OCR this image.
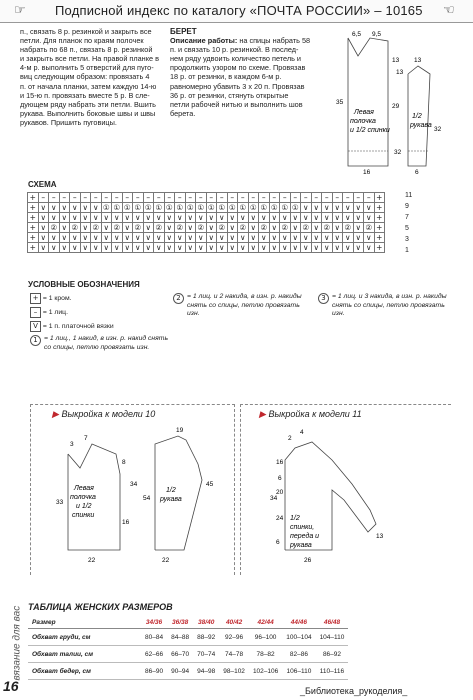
☞ Подписной индекс по каталогу «ПОЧТА РОССИИ» – 10165 ☜
п., связать 8 р. резинкой и закрыть все
петли. Для планок по краям полочек
набрать по 68 п., связать 8 р. резинкой
и закрыть все петли. На правой планке в
4-м р. выполнить 5 отверстий для пуго-
виц следующим образом: провязать 4
п. от начала планки, затем каждую 14-ю
и 15-ю п. провязать вместе 5 р. В сле-
дующем ряду набрать эти петли. Вшить
рукава. Выполнить боковые швы и швы
рукавов. Пришить пуговицы.
БЕРЕТ
Описание работы: на спицы набрать 58
п. и связать 10 р. резинкой. В послед-
нем ряду удвоить количество петель и
продолжить узором по схеме. Провязав
18 р. от резинки, в каждом 6-м р.
равномерно убавить 3 х 20 п. Провязав
36 р. от резинки, стянуть открытые
петли рабочей нитью и выполнить шов
берета.	Левая
полочка
и 1/2 спинки
1/2
рукава
6,5 9,5
13
35
29
32
13
13
32
16	6
СХЕМА
+	–	–	–	–	–	–	–	–	–	–	–	–	–	–	–	–	–	–	–	–	–	–	–	–	–	–	–	–	–	–	–	–	+
+	∨	∨	∨	∨	∨	∨	①	①	①	①	①	①	①	①	①	①	①	①	①	①	①	①	①	①	①	∨	∨	∨	∨	∨	∨	∨	+
+	∨	∨	∨	∨	∨	∨	∨	∨	∨	∨	∨	∨	∨	∨	∨	∨	∨	∨	∨	∨	∨	∨	∨	∨	∨	∨	∨	∨	∨	∨	∨	∨	+
+	∨	②	∨	②	∨	②	∨	②	∨	②	∨	②	∨	②	∨	②	∨	②	∨	②	∨	②	∨	②	∨	②	∨	②	∨	②	∨	②	+
+	∨	∨	∨	∨	∨	∨	∨	∨	∨	∨	∨	∨	∨	∨	∨	∨	∨	∨	∨	∨	∨	∨	∨	∨	∨	∨	∨	∨	∨	∨	∨	∨	+
+	∨	∨	∨	∨	∨	∨	∨	∨	∨	∨	∨	∨	∨	∨	∨	∨	∨	∨	∨	∨	∨	∨	∨	∨	∨	∨	∨	∨	∨	∨	∨	∨	+
11
9
7
5
3
1
УСЛОВНЫЕ ОБОЗНАЧЕНИЯ
+ = 1 кром.
– = 1 лиц.
V = 1 п. платочной вязки
1 = 1 лиц., 1 накид, в изн. р. накид снять со спицы, петлю провязать изн.
2 = 1 лиц. и 2 накида, в изн. р. накиды снять со спицы, петлю провязать изн.
3 = 1 лиц. и 3 накида, в изн. р. накиды снять со спицы, петлю провязать изн.
▶ Выкройка к модели 10	▶ Выкройка к модели 11
Левая
полочка
и 1/2
спинки
1/2
рукава
3
7
8
16
33
34
54
22	22
45
19
1/2
спинки,
переда и
рукава
2
4
16
6
20
34
24
6
26
13
ТАБЛИЦА ЖЕНСКИХ РАЗМЕРОВ
Размер	34/36	36/38	38/40	40/42	42/44	44/46	46/48
Обхват груди, см	80–84	84–88	88–92	92–96	96–100	100–104	104–110
Обхват талии, см	62–66	66–70	70–74	74–78	78–82	82–86	86–92
Обхват бедер, см	86–90	90–94	94–98	98–102	102–106	106–110	110–116
вязание для вас
16	_Библиотека_рукоделия_
